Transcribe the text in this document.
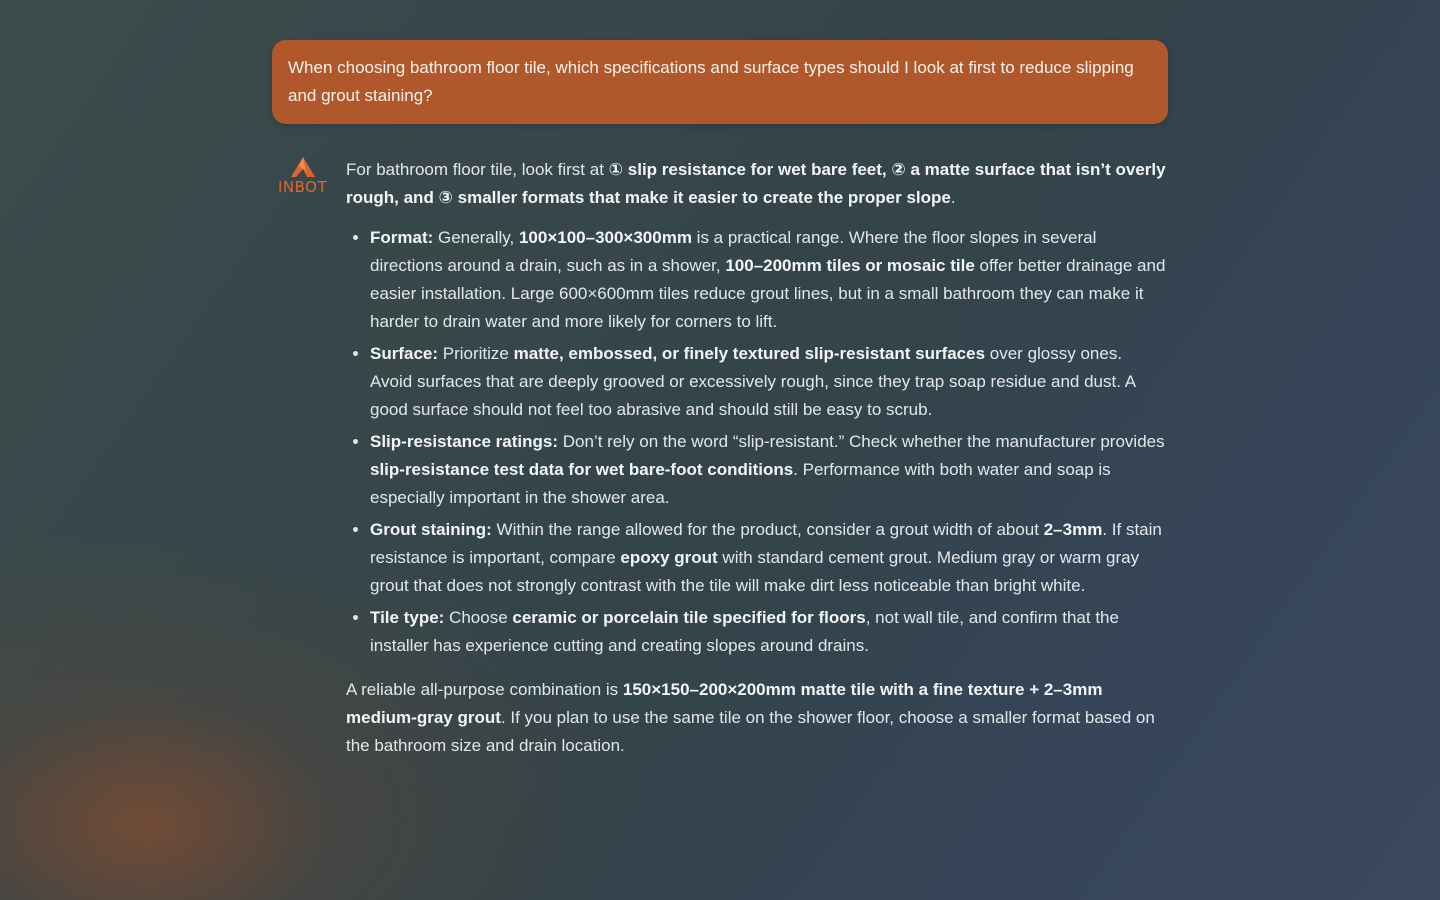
When choosing bathroom floor tile, which specifications and surface types should I look at first to reduce slipping and grout staining?
INBOT

For bathroom floor tile, look first at ① slip resistance for wet bare feet, ② a matte surface that isn’t overly rough, and ③ smaller formats that make it easier to create the proper slope.

• Format: Generally, 100×100–300×300mm is a practical range. Where the floor slopes in several directions around a drain, such as in a shower, 100–200mm tiles or mosaic tile offer better drainage and easier installation. Large 600×600mm tiles reduce grout lines, but in a small bathroom they can make it harder to drain water and more likely for corners to lift.
• Surface: Prioritize matte, embossed, or finely textured slip-resistant surfaces over glossy ones. Avoid surfaces that are deeply grooved or excessively rough, since they trap soap residue and dust. A good surface should not feel too abrasive and should still be easy to scrub.
• Slip-resistance ratings: Don’t rely on the word “slip-resistant.” Check whether the manufacturer provides slip-resistance test data for wet bare-foot conditions. Performance with both water and soap is especially important in the shower area.
• Grout staining: Within the range allowed for the product, consider a grout width of about 2–3mm. If stain resistance is important, compare epoxy grout with standard cement grout. Medium gray or warm gray grout that does not strongly contrast with the tile will make dirt less noticeable than bright white.
• Tile type: Choose ceramic or porcelain tile specified for floors, not wall tile, and confirm that the installer has experience cutting and creating slopes around drains.

A reliable all-purpose combination is 150×150–200×200mm matte tile with a fine texture + 2–3mm medium-gray grout. If you plan to use the same tile on the shower floor, choose a smaller format based on the bathroom size and drain location.
